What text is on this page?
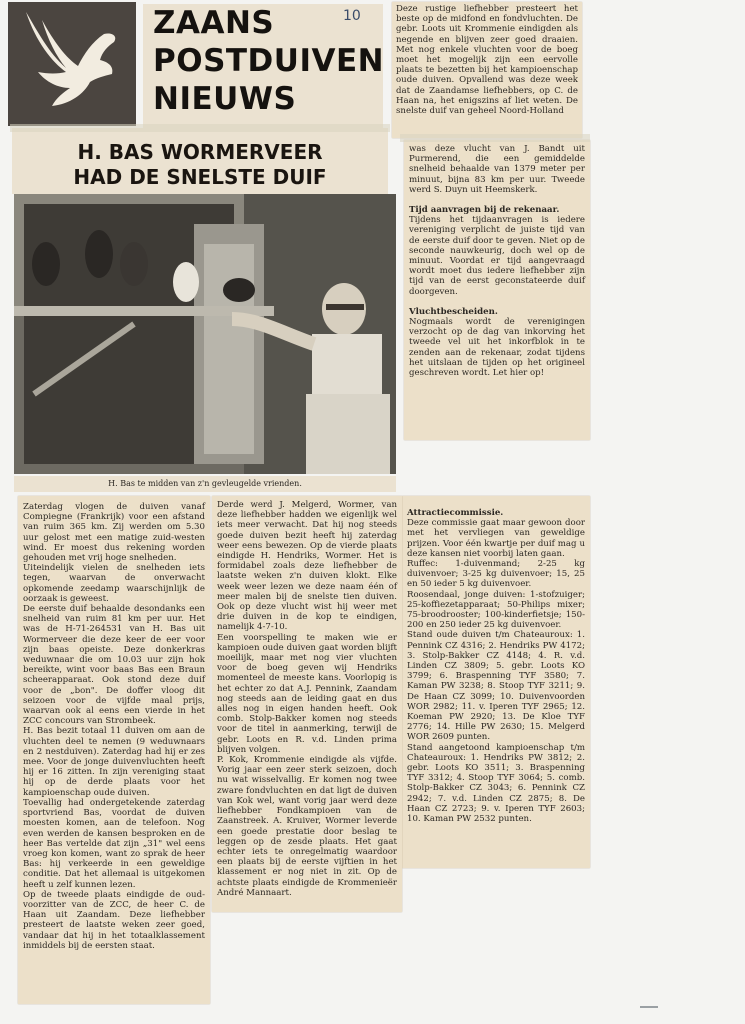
ZAANS
POSTDUIVEN
NIEUWS
10
H. BAS WORMERVEER
HAD DE SNELSTE DUIF
H. Bas te midden van z'n gevleugelde vrienden.

Deze rustige liefhebber presteert het beste op de midfond en fondvluchten. De gebr. Loots uit Krommenie eindigden als negende en blijven zeer goed draaien. Met nog enkele vluchten voor de boeg moet het mogelijk zijn een eervolle plaats te bezetten bij het kampioenschap oude duiven. Opvallend was deze week dat de Zaandamse liefhebbers, op C. de Haan na, het enigszins af liet weten. De snelste duif van geheel Noord-Holland

was deze vlucht van J. Bandt uit Purmerend, die een gemiddelde snelheid behaalde van 1379 meter per minuut, bijna 83 km per uur. Tweede werd S. Duyn uit Heemskerk.

Tijd aanvragen bij de rekenaar.

Tijdens het tijdaanvragen is iedere vereniging verplicht de juiste tijd van de eerste duif door te geven. Niet op de seconde nauwkeurig, doch wel op de minuut. Voordat er tijd aangevraagd wordt moet dus iedere liefhebber zijn tijd van de eerst geconstateerde duif doorgeven.

Vluchtbescheiden.

Nogmaals wordt de verenigingen verzocht op de dag van inkorving het tweede vel uit het inkorfblok in te zenden aan de rekenaar, zodat tijdens het uitslaan de tijden op het origineel geschreven wordt. Let hier op!

Attractiecommissie.

Deze commissie gaat maar gewoon door met het vervliegen van geweldige prijzen. Voor één kwartje per duif mag u deze kansen niet voorbij laten gaan.

Ruffec: 1-duivenmand; 2-25 kg duivenvoer; 3-25 kg duivenvoer; 15, 25 en 50 ieder 5 kg duivenvoer.

Roosendaal, jonge duiven: 1-stofzuiger; 25-koffiezetapparaat; 50-Philips mixer; 75-broodrooster; 100-kinderfietsje; 150-200 en 250 ieder 25 kg duivenvoer.

Stand oude duiven t/m Chateauroux: 1. Pennink CZ 4316; 2. Hendriks PW 4172; 3. Stolp-Bakker CZ 4148; 4. R. v.d. Linden CZ 3809; 5. gebr. Loots KO 3799; 6. Braspenning TYF 3580; 7. Kaman PW 3238; 8. Stoop TYF 3211; 9. De Haan CZ 3099; 10. Duivenvoorden WOR 2982; 11. v. Iperen TYF 2965; 12. Koeman PW 2920; 13. De Kloe TYF 2776; 14. Hille PW 2630; 15. Melgerd WOR 2609 punten.

Stand aangetoond kampioenschap t/m Chateauroux: 1. Hendriks PW 3812; 2. gebr. Loots KO 3511; 3. Braspenning TYF 3312; 4. Stoop TYF 3064; 5. comb. Stolp-Bakker CZ 3043; 6. Pennink CZ 2942; 7. v.d. Linden CZ 2875; 8. De Haan CZ 2723; 9. v. Iperen TYF 2603; 10. Kaman PW 2532 punten.

Zaterdag vlogen de duiven vanaf Compiegne (Frankrijk) voor een afstand van ruim 365 km. Zij werden om 5.30 uur gelost met een matige zuid-westen wind. Er moest dus rekening worden gehouden met vrij hoge snelheden.

Uiteindelijk vielen de snelheden iets tegen, waarvan de onverwacht opkomende zeedamp waarschijnlijk de oorzaak is geweest.

De eerste duif behaalde desondanks een snelheid van ruim 81 km per uur. Het was de H-71-264531 van H. Bas uit Wormerveer die deze keer de eer voor zijn baas opeiste. Deze donkerkras weduwnaar die om 10.03 uur zijn hok bereikte, wint voor baas Bas een Braun scheerapparaat. Ook stond deze duif voor de „bon". De doffer vloog dit seizoen voor de vijfde maal prijs, waarvan ook al eens een vierde in het ZCC concours van Strombeek.

H. Bas bezit totaal 11 duiven om aan de vluchten deel te nemen (9 weduwnaars en 2 nestduiven). Zaterdag had hij er zes mee. Voor de jonge duivenvluchten heeft hij er 16 zitten. In zijn vereniging staat hij op de derde plaats voor het kampioenschap oude duiven.

Toevallig had ondergetekende zaterdag sportvriend Bas, voordat de duiven moesten komen, aan de telefoon. Nog even werden de kansen besproken en de heer Bas vertelde dat zijn „31" wel eens vroeg kon komen, want zo sprak de heer Bas: hij verkeerde in een geweldige conditie. Dat het allemaal is uitgekomen heeft u zelf kunnen lezen.

Op de tweede plaats eindigde de oud-voorzitter van de ZCC, de heer C. de Haan uit Zaandam. Deze liefhebber presteert de laatste weken zeer goed, vandaar dat hij in het totaalklassement inmiddels bij de eersten staat.

Derde werd J. Melgerd, Wormer, van deze liefhebber hadden we eigenlijk wel iets meer verwacht. Dat hij nog steeds goede duiven bezit heeft hij zaterdag weer eens bewezen. Op de vierde plaats eindigde H. Hendriks, Wormer. Het is formidabel zoals deze liefhebber de laatste weken z'n duiven klokt. Elke week weer lezen we deze naam één of meer malen bij de snelste tien duiven. Ook op deze vlucht wist hij weer met drie duiven in de kop te eindigen, namelijk 4-7-10.

Een voorspelling te maken wie er kampioen oude duiven gaat worden blijft moeilijk, maar met nog vier vluchten voor de boeg geven wij Hendriks momenteel de meeste kans. Voorlopig is het echter zo dat A.J. Pennink, Zaandam nog steeds aan de leiding gaat en dus alles nog in eigen handen heeft. Ook comb. Stolp-Bakker komen nog steeds voor de titel in aanmerking, terwijl de gebr. Loots en R. v.d. Linden prima blijven volgen.

P. Kok, Krommenie eindigde als vijfde. Vorig jaar een zeer sterk seizoen, doch nu wat wisselvallig. Er komen nog twee zware fondvluchten en dat ligt de duiven van Kok wel, want vorig jaar werd deze liefhebber Fondkampioen van de Zaanstreek. A. Kruiver, Wormer leverde een goede prestatie door beslag te leggen op de zesde plaats. Het gaat echter iets te onregelmatig waardoor een plaats bij de eerste vijftien in het klassement er nog niet in zit. Op de achtste plaats eindigde de Krommenieër André Mannaart.
